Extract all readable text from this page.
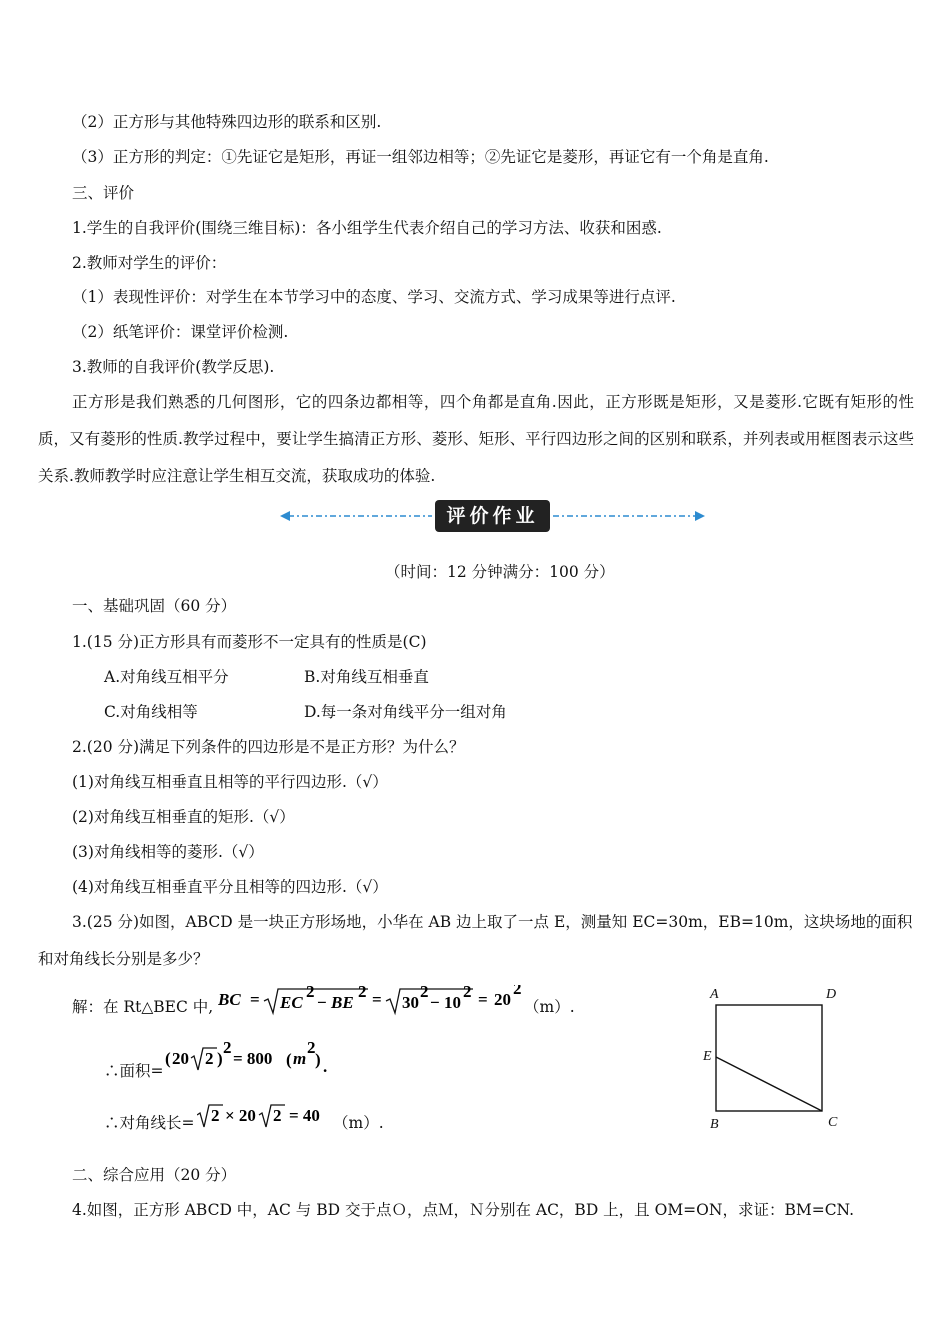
（2）正方形与其他特殊四边形的联系和区别.
（3）正方形的判定：①先证它是矩形，再证一组邻边相等；②先证它是菱形，再证它有一个角是直角.
三、评价
1.学生的自我评价(围绕三维目标)：各小组学生代表介绍自己的学习方法、收获和困惑.
2.教师对学生的评价：
（1）表现性评价：对学生在本节学习中的态度、学习、交流方式、学习成果等进行点评.
（2）纸笔评价：课堂评价检测.
3.教师的自我评价(教学反思).
正方形是我们熟悉的几何图形，它的四条边都相等，四个角都是直角.因此，正方形既是矩形，又是菱形.它既有矩形的性质，又有菱形的性质.教学过程中，要让学生搞清正方形、菱形、矩形、平行四边形之间的区别和联系，并列表或用框图表示这些关系.教师教学时应注意让学生相互交流，获取成功的体验.
评价作业
（时间：12 分钟满分：100 分）
一、基础巩固（60 分）
1.(15 分)正方形具有而菱形不一定具有的性质是(C)
A.对角线互相平分	B.对角线互相垂直
C.对角线相等	D.每一条对角线平分一组对角
2.(20 分)满足下列条件的四边形是不是正方形？为什么？
(1)对角线互相垂直且相等的平行四边形.（√）
(2)对角线互相垂直的矩形.（√）
(3)对角线相等的菱形.（√）
(4)对角线互相垂直平分且相等的四边形.（√）
3.(25 分)如图，ABCD 是一块正方形场地，小华在 AB 边上取了一点 E，测量知 EC=30m，EB=10m，这块场地的面积和对角线长分别是多少？
解：在 Rt△BEC 中, BC = EC
2
− BE
2 = 30
2
− 10
2 = 20
2
（m）.
∴面积=
( 20 2 )
2
= 800 ( m
2
) .
∴对角线长= 2 × 20 2 = 40 （m）.
A	D
E
B	C
二、综合应用（20 分）
4.如图，正方形 ABCD 中，AC 与 BD 交于点Ｏ，点Ｍ，Ｎ分别在 AC，BD 上，且 OM=ON，求证：BM=CN.
